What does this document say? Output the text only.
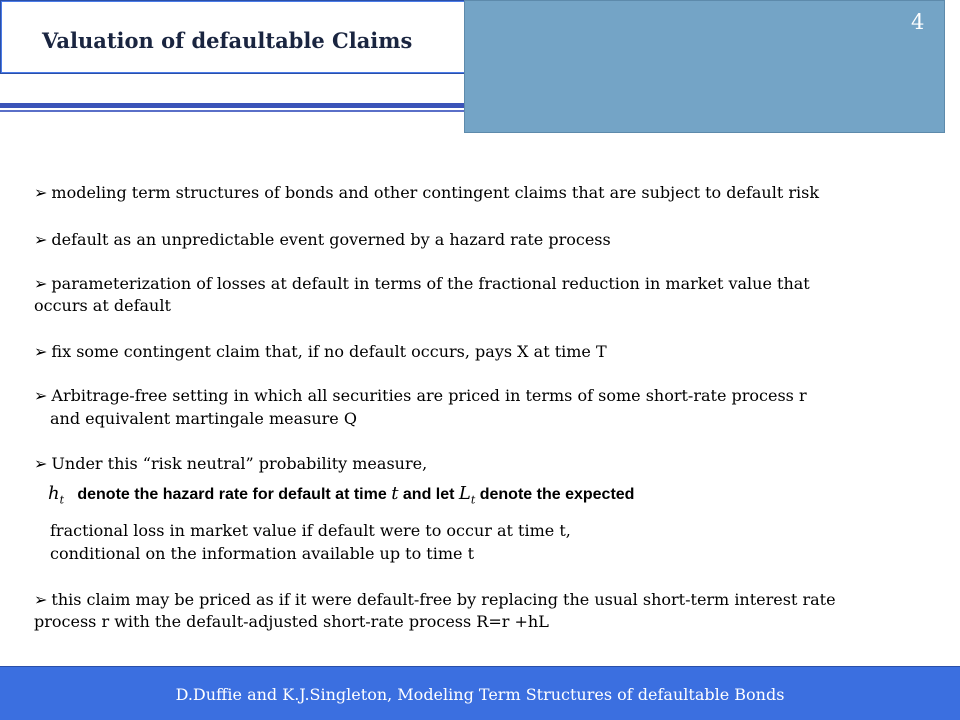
Valuation of defaultable Claims
4
➢ modeling term structures of bonds and other contingent claims that are subject to default risk
➢ default as an unpredictable event governed by a hazard rate process
➢ parameterization of losses at default in terms of the fractional reduction in market value that
occurs at default
➢ fix some contingent claim that, if no default occurs, pays X at time T
➢ Arbitrage-free setting in which all securities are priced in terms of some short-rate process r
and equivalent martingale measure Q
➢ Under this “risk neutral” probability measure,
$h_t$ denote the hazard rate for default at time t and let $L_t$ denote the expected
fractional loss in market value if default were to occur at time t,
conditional on the information available up to time t
➢ this claim may be priced as if it were default-free by replacing the usual short-term interest rate
process r with the default-adjusted short-rate process R=r +hL
D.Duffie and K.J.Singleton, Modeling Term Structures of defaultable Bonds
